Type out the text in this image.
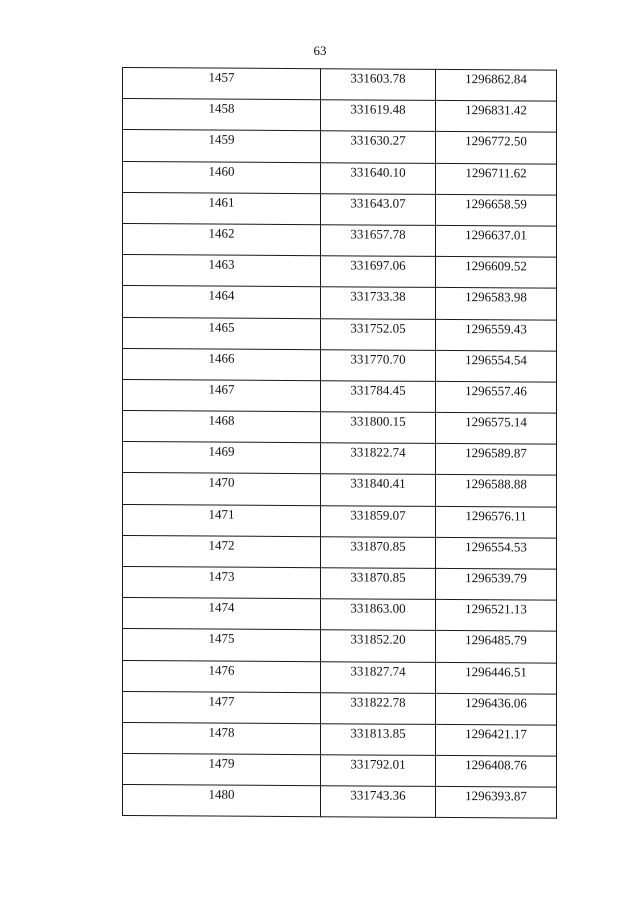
63
1457	331603.78	1296862.84

1458	331619.48	1296831.42

1459	331630.27	1296772.50

1460	331640.10	1296711.62

1461	331643.07	1296658.59

1462	331657.78	1296637.01

1463	331697.06	1296609.52

1464	331733.38	1296583.98

1465	331752.05	1296559.43

1466	331770.70	1296554.54

1467	331784.45	1296557.46

1468	331800.15	1296575.14

1469	331822.74	1296589.87

1470	331840.41	1296588.88

1471	331859.07	1296576.11

1472	331870.85	1296554.53

1473	331870.85	1296539.79

1474	331863.00	1296521.13

1475	331852.20	1296485.79

1476	331827.74	1296446.51

1477	331822.78	1296436.06

1478	331813.85	1296421.17

1479	331792.01	1296408.76

1480	331743.36	1296393.87
